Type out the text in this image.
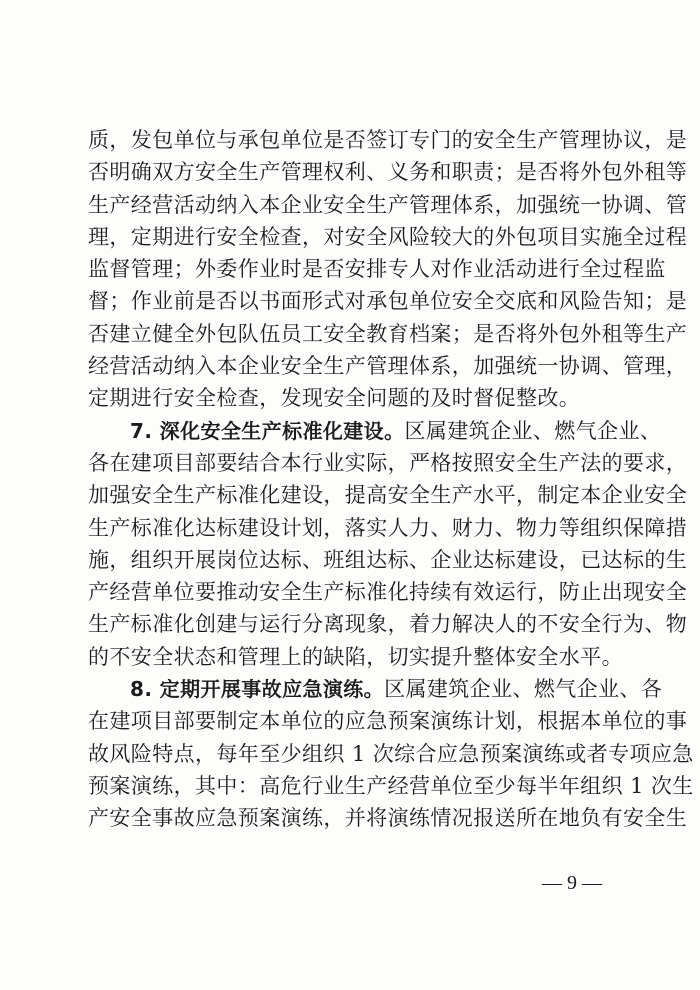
质，发包单位与承包单位是否签订专门的安全生产管理协议，是
否明确双方安全生产管理权利、义务和职责；是否将外包外租等
生产经营活动纳入本企业安全生产管理体系，加强统一协调、管
理，定期进行安全检查，对安全风险较大的外包项目实施全过程
监督管理；外委作业时是否安排专人对作业活动进行全过程监
督；作业前是否以书面形式对承包单位安全交底和风险告知；是
否建立健全外包队伍员工安全教育档案；是否将外包外租等生产
经营活动纳入本企业安全生产管理体系，加强统一协调、管理，
定期进行安全检查，发现安全问题的及时督促整改。
7. 深化安全生产标准化建设。区属建筑企业、燃气企业、
各在建项目部要结合本行业实际，严格按照安全生产法的要求，
加强安全生产标准化建设，提高安全生产水平，制定本企业安全
生产标准化达标建设计划，落实人力、财力、物力等组织保障措
施，组织开展岗位达标、班组达标、企业达标建设，已达标的生
产经营单位要推动安全生产标准化持续有效运行，防止出现安全
生产标准化创建与运行分离现象，着力解决人的不安全行为、物
的不安全状态和管理上的缺陷，切实提升整体安全水平。
8. 定期开展事故应急演练。区属建筑企业、燃气企业、各
在建项目部要制定本单位的应急预案演练计划，根据本单位的事
故风险特点，每年至少组织 1 次综合应急预案演练或者专项应急
预案演练，其中：高危行业生产经营单位至少每半年组织 1 次生
产安全事故应急预案演练，并将演练情况报送所在地负有安全生
— 9 —
